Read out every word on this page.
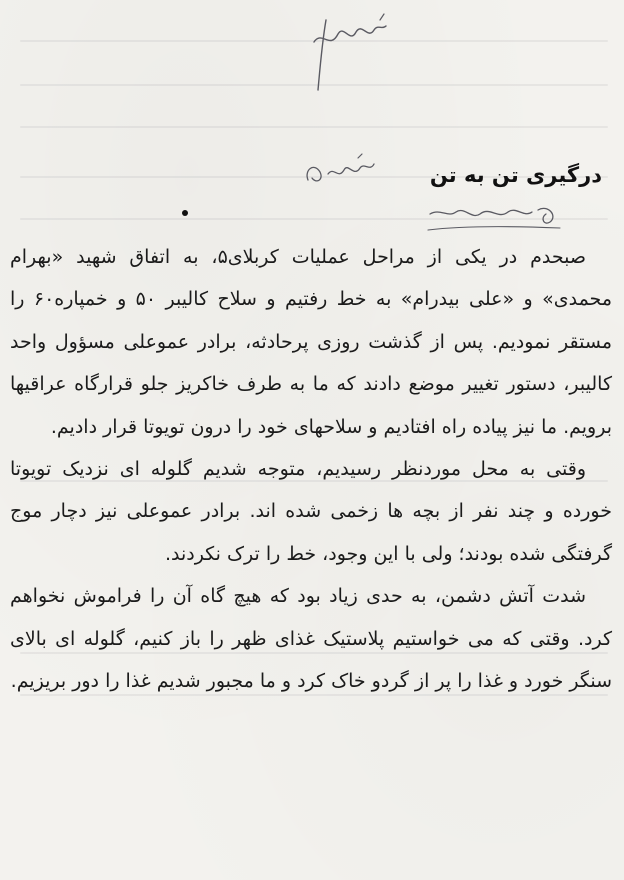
درگیری تن به تن

صبحدم در یکی از مراحل عملیات کربلای۵، به اتفاق شهید «بهرام محمدی» و «علی بیدرام» به خط رفتیم و سلاح کالیبر ۵۰ و خمپاره۶۰ را مستقر نمودیم. پس از گذشت روزی پرحادثه، برادر عموعلی مسؤول واحد کالیبر، دستور تغییر موضع دادند که ما به طرف خاکریز جلو قرارگاه عراقیها برویم. ما نیز پیاده راه افتادیم و سلاحهای خود را درون تویوتا قرار دادیم.

وقتی به محل موردنظر رسیدیم، متوجه شدیم گلوله ای نزدیک تویوتا خورده و چند نفر از بچه ها زخمی شده اند. برادر عموعلی نیز دچار موج گرفتگی شده بودند؛ ولی با این وجود، خط را ترک نکردند.

شدت آتش دشمن، به حدی زیاد بود که هیچ گاه آن را فراموش نخواهم کرد. وقتی که می خواستیم پلاستیک غذای ظهر را باز کنیم، گلوله ای بالای سنگر خورد و غذا را پر از گردو خاک کرد و ما مجبور شدیم غذا را دور بریزیم.
